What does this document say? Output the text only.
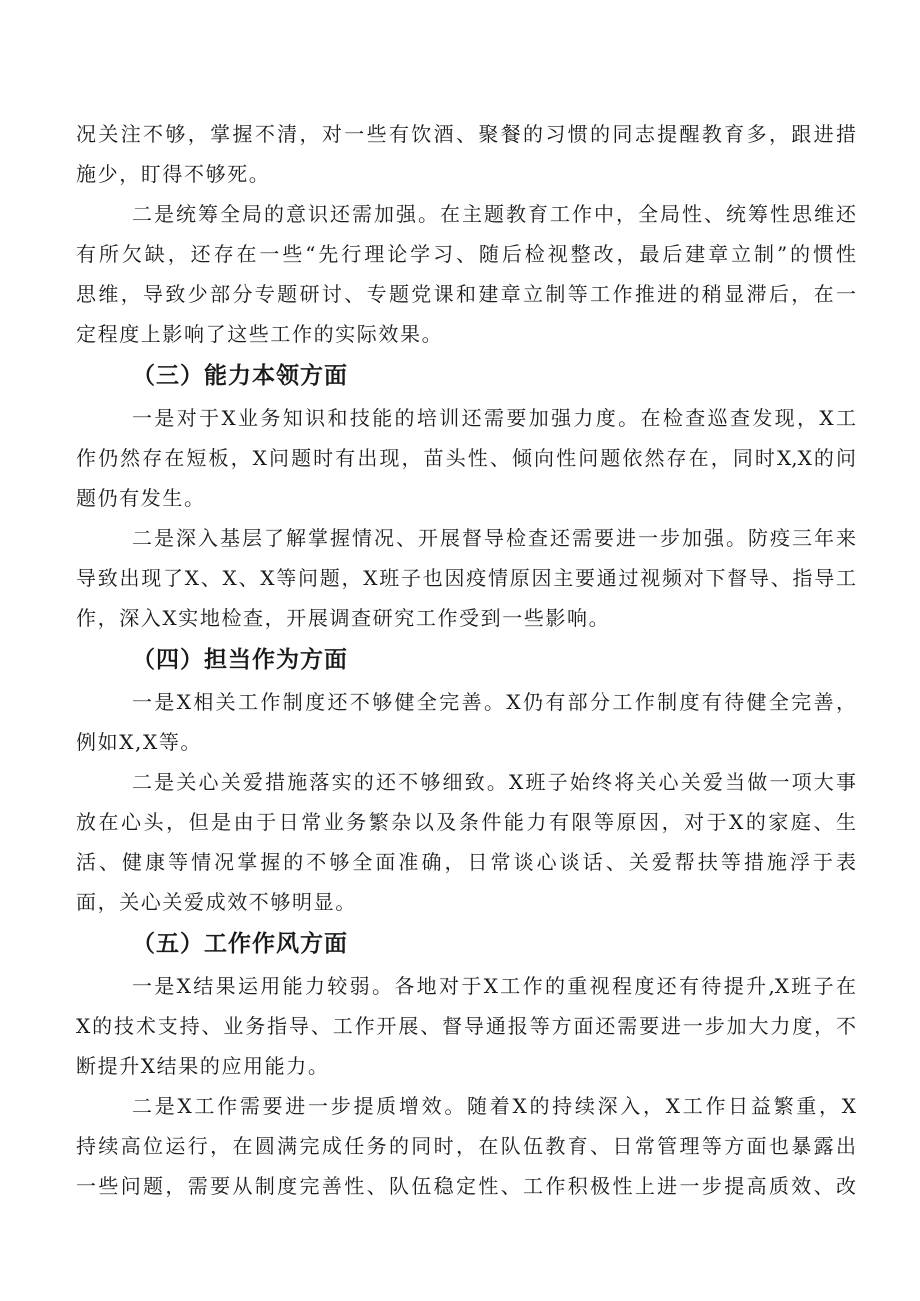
况关注不够，掌握不清，对一些有饮酒、聚餐的习惯的同志提醒教育多，跟进措
施少，盯得不够死。
二是统筹全局的意识还需加强。在主题教育工作中，全局性、统筹性思维还
有所欠缺，还存在一些“先行理论学习、随后检视整改，最后建章立制”的惯性
思维，导致少部分专题研讨、专题党课和建章立制等工作推进的稍显滞后，在一
定程度上影响了这些工作的实际效果。
（三）能力本领方面
一是对于X业务知识和技能的培训还需要加强力度。在检查巡查发现，X工
作仍然存在短板，X问题时有出现，苗头性、倾向性问题依然存在，同时X,X的问
题仍有发生。
二是深入基层了解掌握情况、开展督导检查还需要进一步加强。防疫三年来
导致出现了X、X、X等问题，X班子也因疫情原因主要通过视频对下督导、指导工
作，深入X实地检查，开展调查研究工作受到一些影响。
（四）担当作为方面
一是X相关工作制度还不够健全完善。X仍有部分工作制度有待健全完善，
例如X,X等。
二是关心关爱措施落实的还不够细致。X班子始终将关心关爱当做一项大事
放在心头，但是由于日常业务繁杂以及条件能力有限等原因，对于X的家庭、生
活、健康等情况掌握的不够全面准确，日常谈心谈话、关爱帮扶等措施浮于表
面，关心关爱成效不够明显。
（五）工作作风方面
一是X结果运用能力较弱。各地对于X工作的重视程度还有待提升,X班子在
X的技术支持、业务指导、工作开展、督导通报等方面还需要进一步加大力度，不
断提升X结果的应用能力。
二是X工作需要进一步提质增效。随着X的持续深入，X工作日益繁重，X
持续高位运行，在圆满完成任务的同时，在队伍教育、日常管理等方面也暴露出
一些问题，需要从制度完善性、队伍稳定性、工作积极性上进一步提高质效、改
